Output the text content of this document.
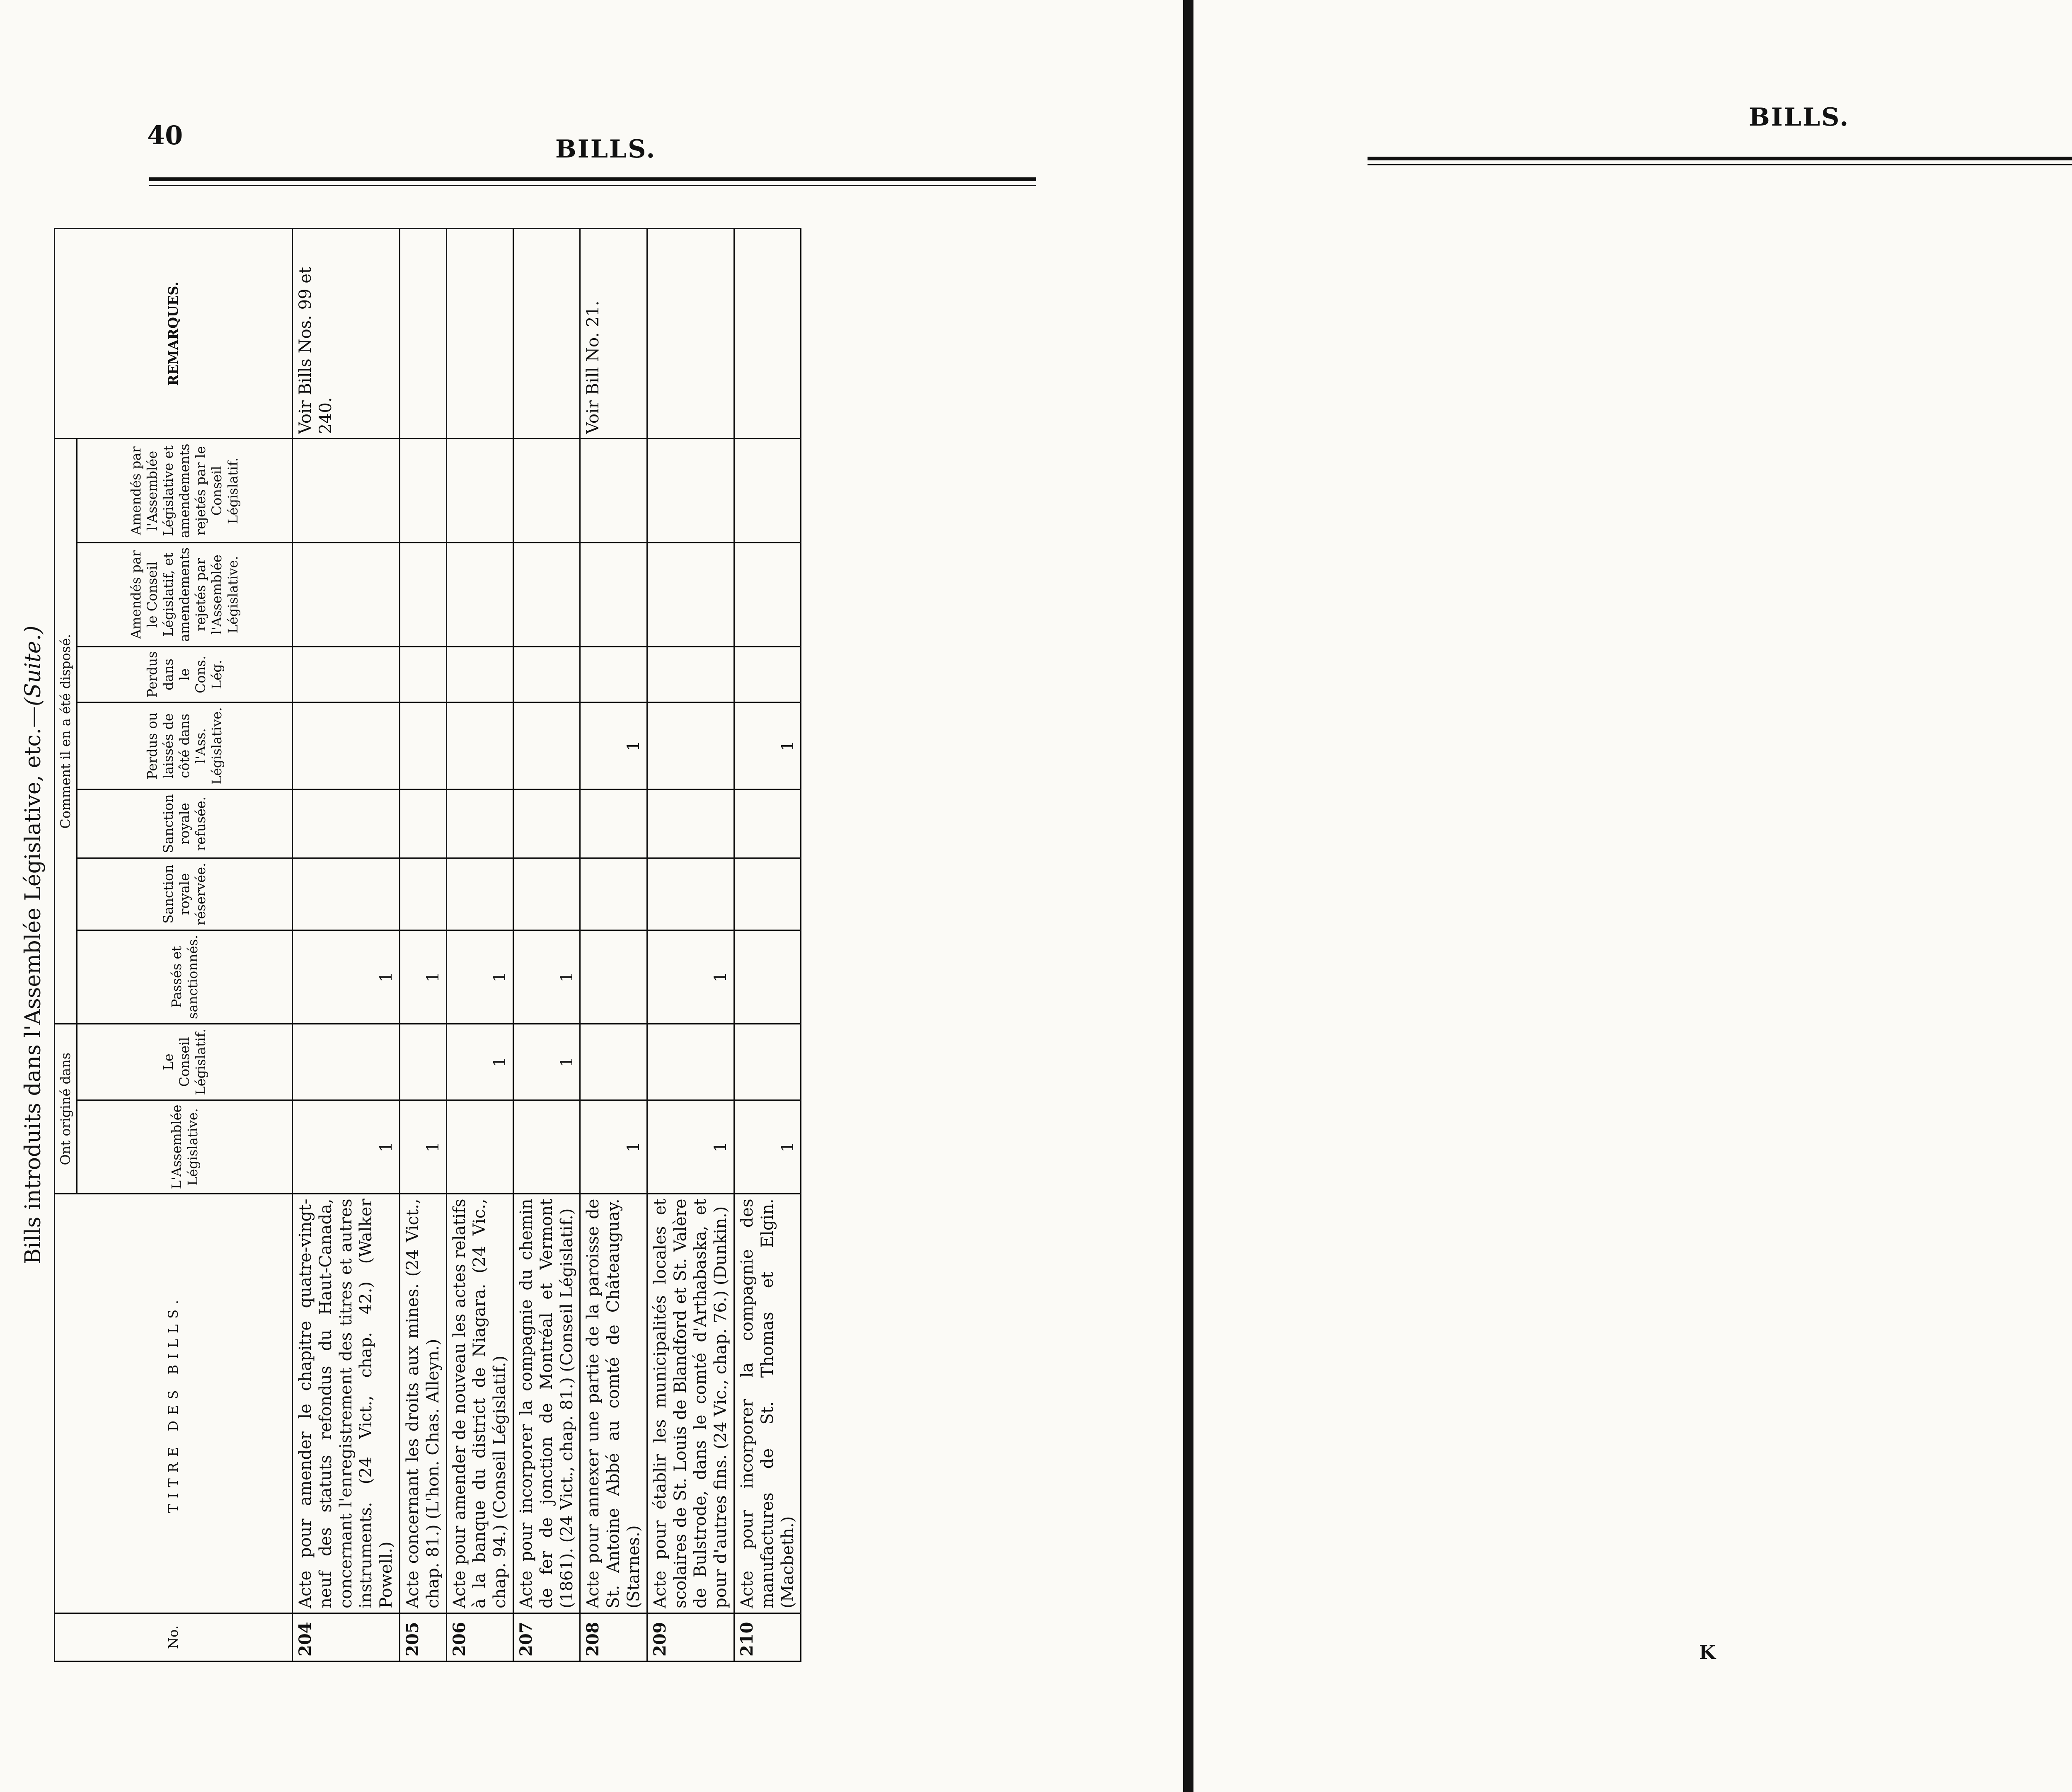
40	BILLS.
Bills introduits dans l'Assemblée Législative, etc.—(Suite.)
No.	TITRE DES BILLS.	Ont originé dans		Comment il en a été disposé.							REMARQUES.
		L'Assemblée Législative.	Le Conseil Législatif.	Passés et sanctionnés.	Sanction royale réservée.	Sanction royale refusée.	Perdus ou laissés de côté dans l'Ass. Législative.	Perdus dans le Cons. Lég.	Amendés par le Conseil Législatif, et amendements rejetés par l'Assemblée Législative.	Amendés par l'Assemblée Législative et amendements rejetés par le Conseil Législatif.	
204	Acte pour amender le chapitre quatre-vingt-neuf des statuts refondus du Haut-Canada, concernant l'enregistrement des titres et autres instruments. (24 Vict., chap. 42.) (Walker Powell.)	1		1							Voir Bills Nos. 99 et 240.
205	Acte concernant les droits aux mines. (24 Vict., chap. 81.) (L'hon. Chas. Alleyn.)	1		1							
206	Acte pour amender de nouveau les actes relatifs à la banque du district de Niagara. (24 Vic., chap. 94.) (Conseil Législatif.)		1	1							
207	Acte pour incorporer la compagnie du chemin de fer de jonction de Montréal et Vermont (1861). (24 Vict., chap. 81.) (Conseil Législatif.)		1	1							
208	Acte pour annexer une partie de la paroisse de St. Antoine Abbé au comté de Châteauguay. (Starnes.)	1					1				Voir Bill No. 21.
209	Acte pour établir les municipalités locales et scolaires de St. Louis de Blandford et St. Valère de Bulstrode, dans le comté d'Arthabaska, et pour d'autres fins. (24 Vic., chap. 76.) (Dunkin.)	1		1							
210	Acte pour incorporer la compagnie des manufactures de St. Thomas et Elgin. (Macbeth.)	1					1				
BILLS.

K
